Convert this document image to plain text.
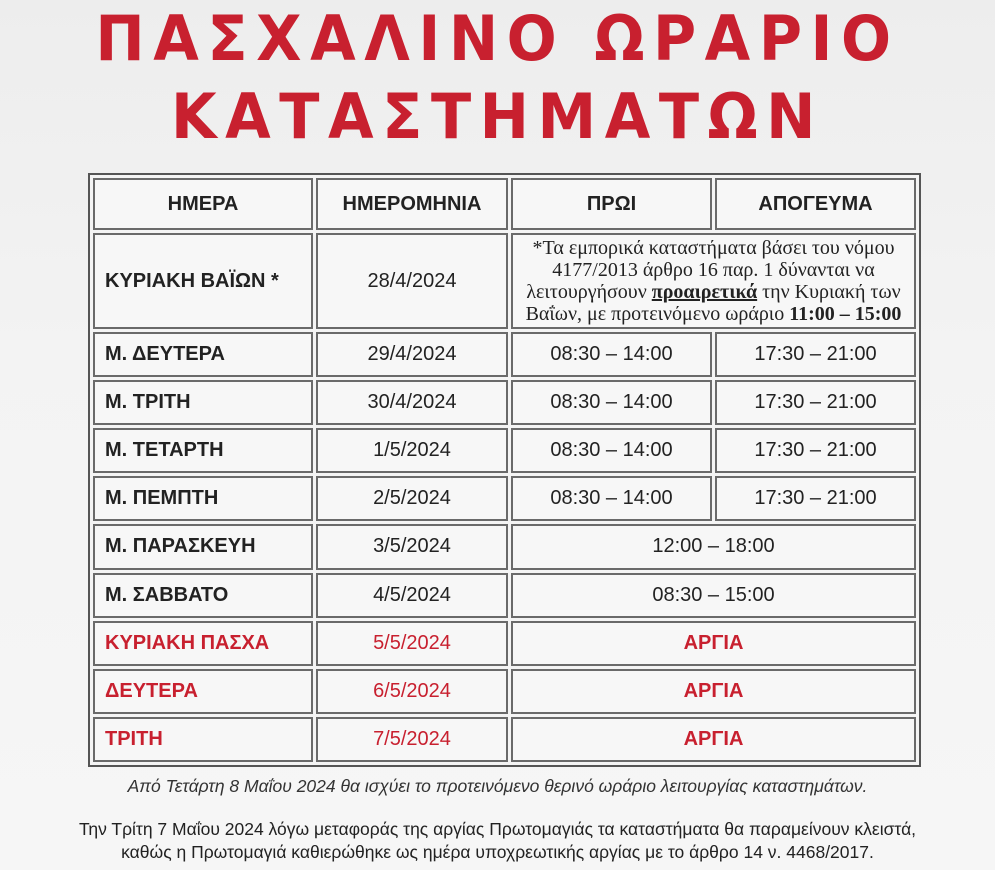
ΠΑΣΧΑΛΙΝΟ ΩΡΑΡΙΟ
ΚΑΤΑΣΤΗΜΑΤΩΝ
ΗΜΕΡΑ	ΗΜΕΡΟΜΗΝΙΑ	ΠΡΩΙ	ΑΠΟΓΕΥΜΑ
ΚΥΡΙΑΚΗ ΒΑΪΩΝ *	28/4/2024	*Τα εμπορικά καταστήματα βάσει του νόμου 4177/2013 άρθρο 16 παρ. 1 δύνανται να λειτουργήσουν προαιρετικά την Κυριακή των Βαΐων, με προτεινόμενο ωράριο 11:00 – 15:00	
Μ. ΔΕΥΤΕΡΑ	29/4/2024	08:30 – 14:00	17:30 – 21:00
Μ. ΤΡΙΤΗ	30/4/2024	08:30 – 14:00	17:30 – 21:00
Μ. ΤΕΤΑΡΤΗ	1/5/2024	08:30 – 14:00	17:30 – 21:00
Μ. ΠΕΜΠΤΗ	2/5/2024	08:30 – 14:00	17:30 – 21:00
Μ. ΠΑΡΑΣΚΕΥΗ	3/5/2024	12:00 – 18:00	
Μ. ΣΑΒΒΑΤΟ	4/5/2024	08:30 – 15:00	
ΚΥΡΙΑΚΗ ΠΑΣΧΑ	5/5/2024	ΑΡΓΙΑ	
ΔΕΥΤΕΡΑ	6/5/2024	ΑΡΓΙΑ	
ΤΡΙΤΗ	7/5/2024	ΑΡΓΙΑ	
Από Τετάρτη 8 Μαΐου 2024 θα ισχύει το προτεινόμενο θερινό ωράριο λειτουργίας καταστημάτων.
Την Τρίτη 7 Μαΐου 2024 λόγω μεταφοράς της αργίας Πρωτομαγιάς τα καταστήματα θα παραμείνουν κλειστά,
καθώς η Πρωτομαγιά καθιερώθηκε ως ημέρα υποχρεωτικής αργίας με το άρθρο 14 ν. 4468/2017.
